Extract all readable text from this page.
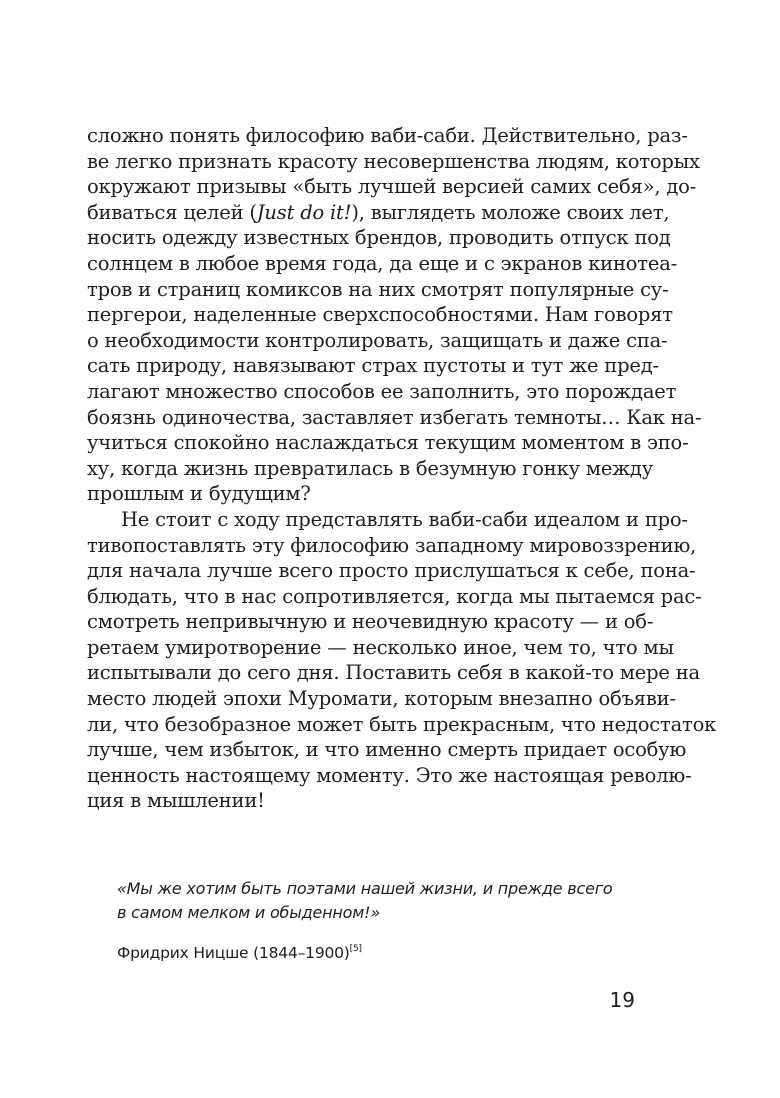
сложно понять философию ваби-саби. Действительно, раз-
ве легко признать красоту несовершенства людям, которых
окружают призывы «быть лучшей версией самих себя», до-
биваться целей (Just do it!), выглядеть моложе своих лет,
носить одежду известных брендов, проводить отпуск под
солнцем в любое время года, да еще и с экранов кинотеа-
тров и страниц комиксов на них смотрят популярные су-
пергерои, наделенные сверхспособностями. Нам говорят
о необходимости контролировать, защищать и даже спа-
сать природу, навязывают страх пустоты и тут же пред-
лагают множество способов ее заполнить, это порождает
боязнь одиночества, заставляет избегать темноты… Как на-
учиться спокойно наслаждаться текущим моментом в эпо-
ху, когда жизнь превратилась в безумную гонку между
прошлым и будущим?
Не стоит с ходу представлять ваби-саби идеалом и про-
тивопоставлять эту философию западному мировоззрению,
для начала лучше всего просто прислушаться к себе, пона-
блюдать, что в нас сопротивляется, когда мы пытаемся рас-
смотреть непривычную и неочевидную красоту — и об-
ретаем умиротворение — несколько иное, чем то, что мы
испытывали до сего дня. Поставить себя в какой-то мере на
место людей эпохи Муромати, которым внезапно объяви-
ли, что безобразное может быть прекрасным, что недостаток
лучше, чем избыток, и что именно смерть придает особую
ценность настоящему моменту. Это же настоящая револю-
ция в мышлении!
«Мы же хотим быть поэтами нашей жизни, и прежде всего
в самом мелком и обыденном!»
Фридрих Ницше (1844–1900)[5]
19
